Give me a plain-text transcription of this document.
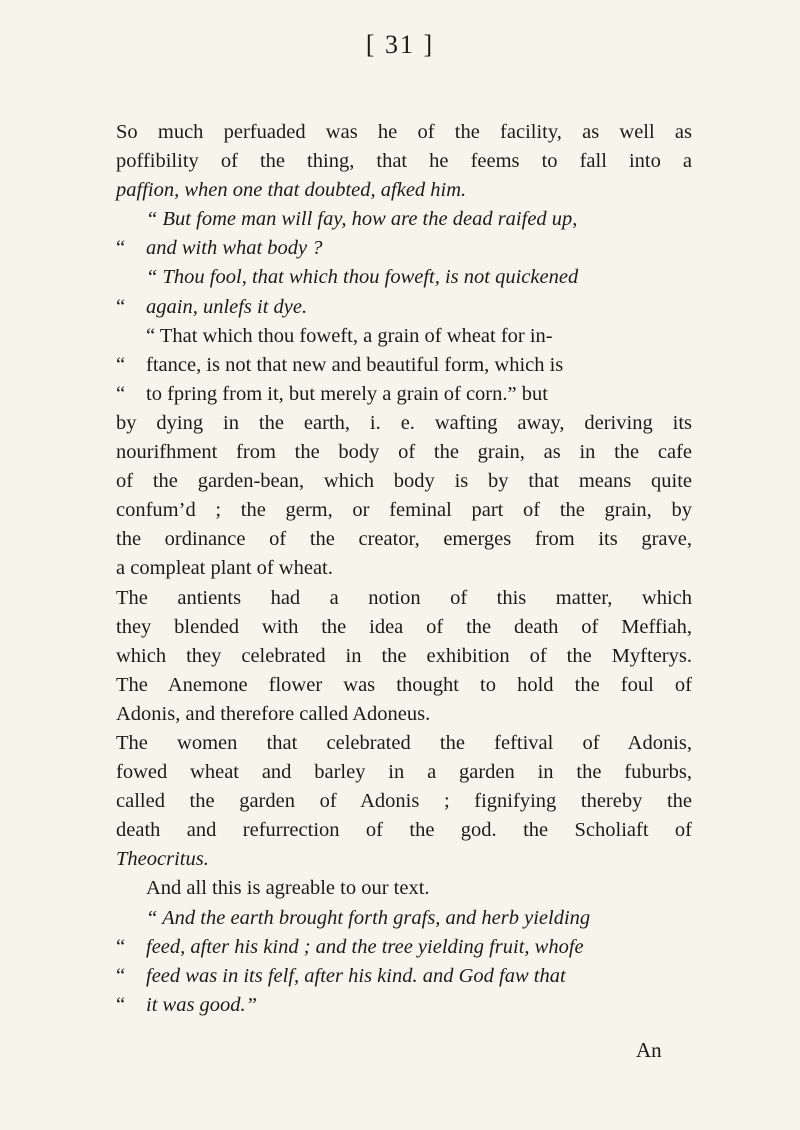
[ 31 ]
So much perfuaded was he of the facility, as well as
poffibility of the thing, that he feems to fall into a
paffion, when one that doubted, afked him.
“ But fome man will fay, how are the dead raifed up,
“ and with what body ?
“ Thou fool, that which thou foweft, is not quickened
“ again, unlefs it dye.
“ That which thou foweft, a grain of wheat for in-
“ ftance, is not that new and beautiful form, which is
“ to fpring from it, but merely a grain of corn.” but
by dying in the earth, i. e. wafting away, deriving its
nourifhment from the body of the grain, as in the cafe
of the garden-bean, which body is by that means quite
confum’d ; the germ, or feminal part of the grain, by
the ordinance of the creator, emerges from its grave,
a compleat plant of wheat.
The antients had a notion of this matter, which
they blended with the idea of the death of Meffiah,
which they celebrated in the exhibition of the Myfterys.
The Anemone flower was thought to hold the foul of
Adonis, and therefore called Adoneus.
The women that celebrated the feftival of Adonis,
fowed wheat and barley in a garden in the fuburbs,
called the garden of Adonis ; fignifying thereby the
death and refurrection of the god. the Scholiaft of
Theocritus.
And all this is agreable to our text.
“ And the earth brought forth grafs, and herb yielding
“ feed, after his kind ; and the tree yielding fruit, whofe
“ feed was in its felf, after his kind. and God faw that
“ it was good.”
An
